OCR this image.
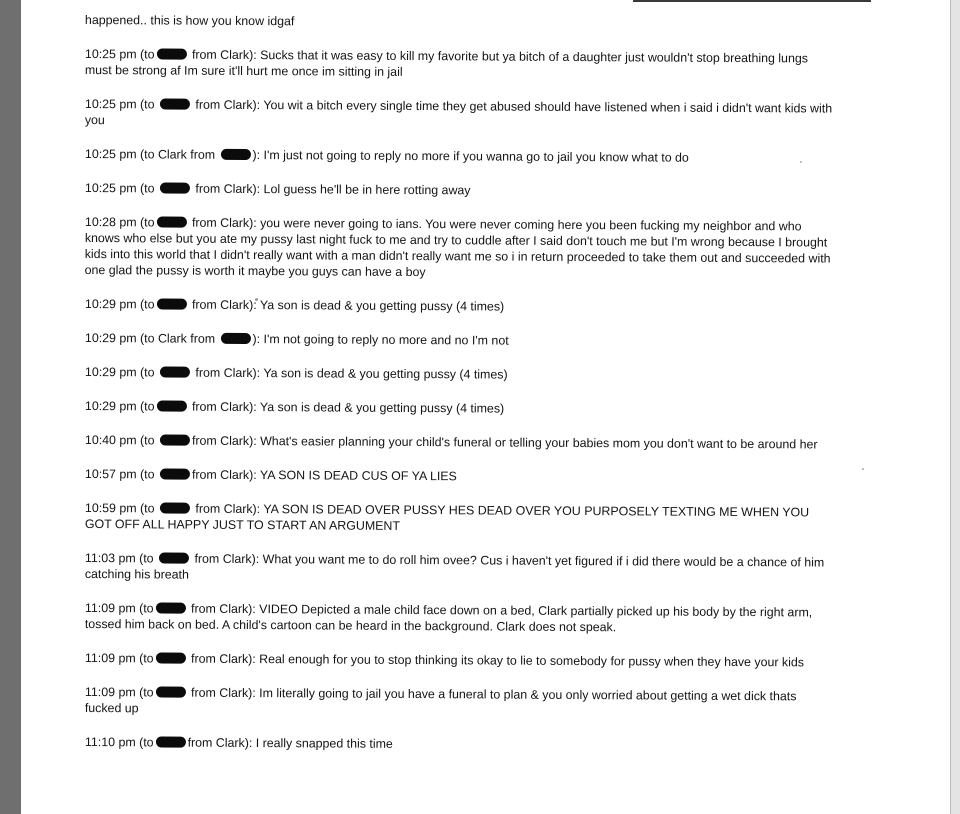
happened.. this is how you know idgaf
10:25 pm (to	from Clark): Sucks that it was easy to kill my favorite but ya bitch of a daughter just wouldn't stop breathing lungs must be strong af Im sure it'll hurt me once im sitting in jail
10:25 pm (to	from Clark): You wit a bitch every single time they get abused should have listened when i said i didn't want kids with you
10:25 pm (to Clark from	): I'm just not going to reply no more if you wanna go to jail you know what to do
10:25 pm (to	from Clark): Lol guess he'll be in here rotting away
10:28 pm (to	from Clark): you were never going to ians. You were never coming here you been fucking my neighbor and who knows who else but you ate my pussy last night fuck to me and try to cuddle after I said don't touch me but I'm wrong because I brought kids into this world that I didn't really want with a man didn't really want me so i in return proceeded to take them out and succeeded with one glad the pussy is worth it maybe you guys can have a boy
10:29 pm (to	from Clark): Ya son is dead & you getting pussy (4 times)
10:29 pm (to Clark from	): I'm not going to reply no more and no I'm not
10:29 pm (to	from Clark): Ya son is dead & you getting pussy (4 times)
10:29 pm (to	from Clark): Ya son is dead & you getting pussy (4 times)
10:40 pm (to	from Clark): What's easier planning your child's funeral or telling your babies mom you don't want to be around her
10:57 pm (to	from Clark): YA SON IS DEAD CUS OF YA LIES
10:59 pm (to	from Clark): YA SON IS DEAD OVER PUSSY HES DEAD OVER YOU PURPOSELY TEXTING ME WHEN YOU GOT OFF ALL HAPPY JUST TO START AN ARGUMENT
11:03 pm (to	from Clark): What you want me to do roll him ovee? Cus i haven't yet figured if i did there would be a chance of him catching his breath
11:09 pm (to	from Clark): VIDEO Depicted a male child face down on a bed, Clark partially picked up his body by the right arm, tossed him back on bed. A child's cartoon can be heard in the background. Clark does not speak.
11:09 pm (to	from Clark): Real enough for you to stop thinking its okay to lie to somebody for pussy when they have your kids
11:09 pm (to	from Clark): Im literally going to jail you have a funeral to plan & you only worried about getting a wet dick thats fucked up
11:10 pm (to	from Clark): I really snapped this time
